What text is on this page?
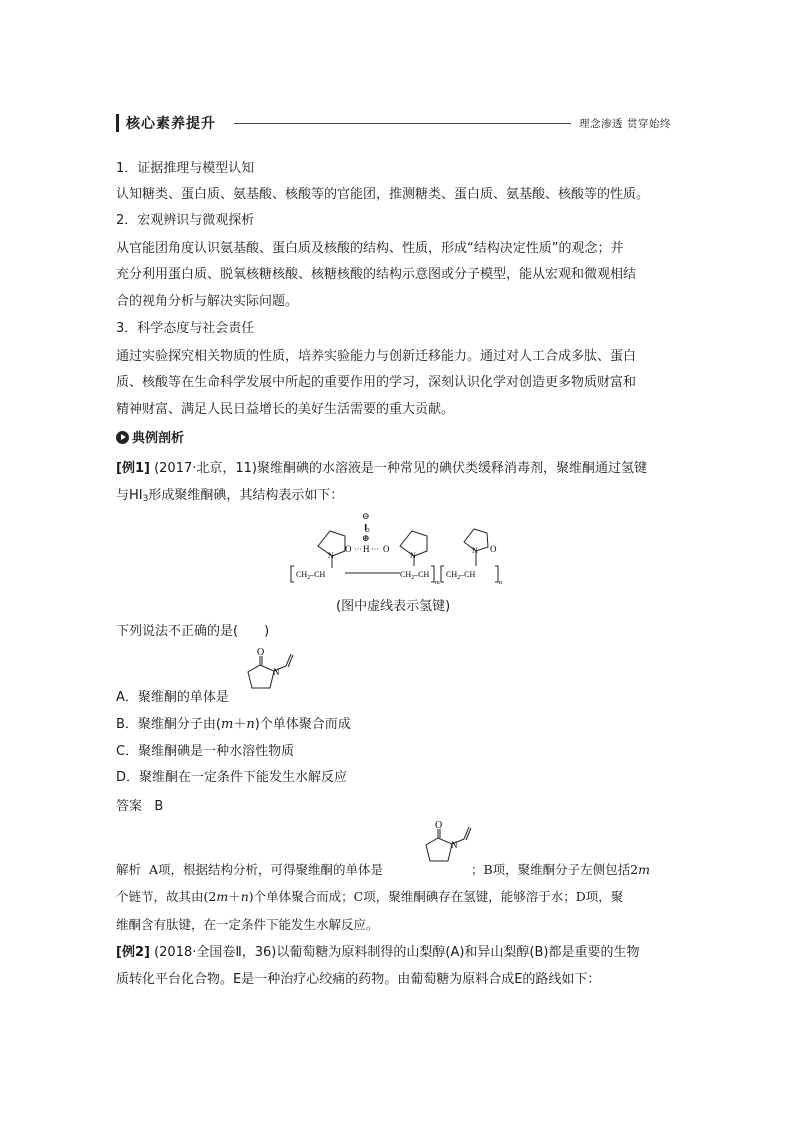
核心素养提升	理念渗透 贯穿始终
1．证据推理与模型认知
认知糖类、蛋白质、氨基酸、核酸等的官能团，推测糖类、蛋白质、氨基酸、核酸等的性质。
2．宏观辨识与微观探析
从官能团角度认识氨基酸、蛋白质及核酸的结构、性质，形成“结构决定性质”的观念；并
充分利用蛋白质、脱氧核糖核酸、核糖核酸的结构示意图或分子模型，能从宏观和微观相结
合的视角分析与解决实际问题。
3．科学态度与社会责任
通过实验探究相关物质的性质，培养实验能力与创新迁移能力。通过对人工合成多肽、蛋白
质、核酸等在生命科学发展中所起的重要作用的学习，深刻认识化学对创造更多物质财富和
精神财富、满足人民日益增长的美好生活需要的重大贡献。
典例剖析
[例1] (2017·北京，11)聚维酮碘的水溶液是一种常见的碘伏类缓释消毒剂，聚维酮通过氢键
与$HI_3$形成聚维酮碘，其结构表示如下：
O ··· H ··· O	O
⊖
$I_3$
⊕
N	N
N
$CH_2-CH$	$CH_2-CH$
m
$CH_2-CH$
n
(图中虚线表示氢键)
下列说法不正确的是(　　)
A．聚维酮的单体是
O
N
B．聚维酮分子由(m＋n)个单体聚合而成
C．聚维酮碘是一种水溶性物质
D．聚维酮在一定条件下能发生水解反应
答案 B
解析 A项，根据结构分析，可得聚维酮的单体是	；B项，聚维酮分子左侧包括2m
O
N
个链节，故其由(2m＋n)个单体聚合而成；C项，聚维酮碘存在氢键，能够溶于水；D项，聚
维酮含有肽键，在一定条件下能发生水解反应。
[例2] (2018·全国卷Ⅱ，36)以葡萄糖为原料制得的山梨醇(A)和异山梨醇(B)都是重要的生物
质转化平台化合物。E是一种治疗心绞痛的药物。由葡萄糖为原料合成E的路线如下：
